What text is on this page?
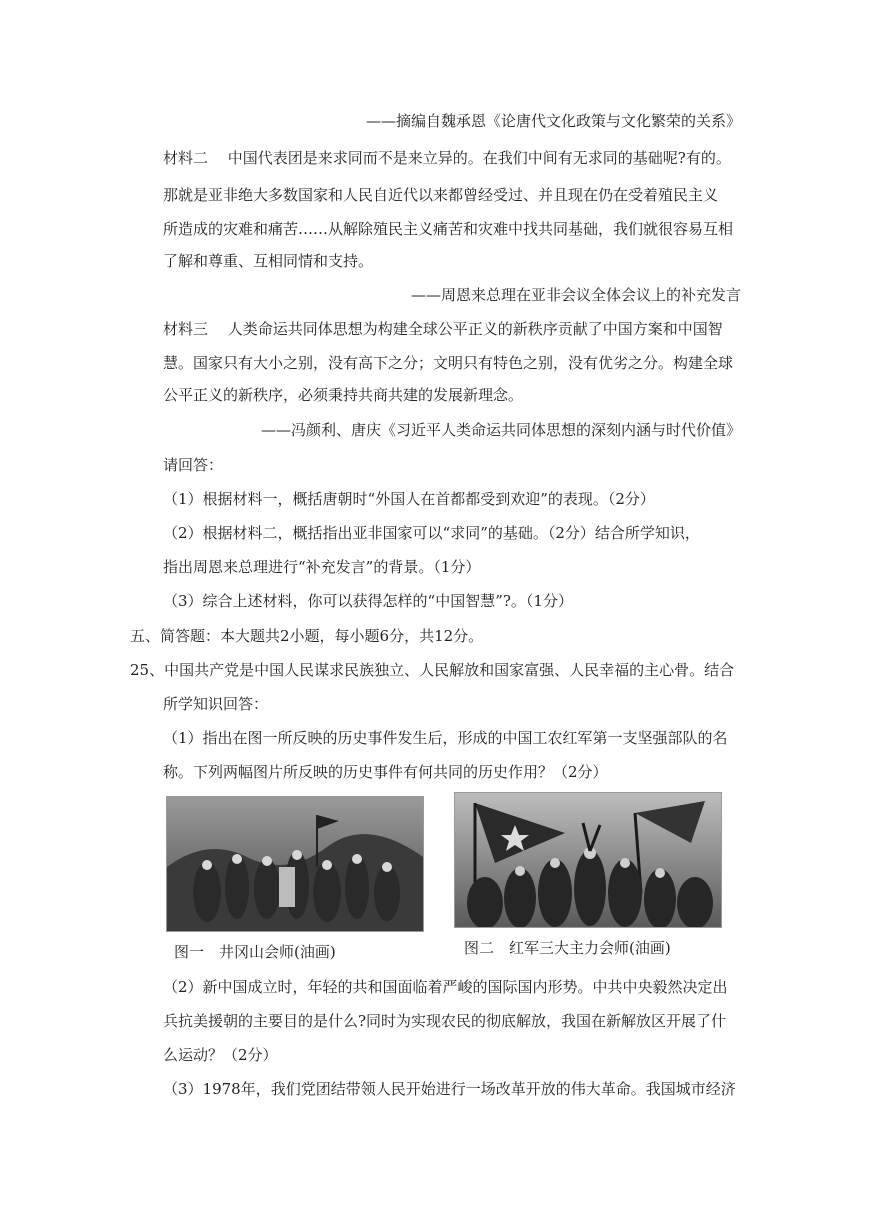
——摘编自魏承恩《论唐代文化政策与文化繁荣的关系》
材料二　 中国代表团是来求同而不是来立异的。在我们中间有无求同的基础呢?有的。
那就是亚非绝大多数国家和人民自近代以来都曾经受过、并且现在仍在受着殖民主义
所造成的灾难和痛苦……从解除殖民主义痛苦和灾难中找共同基础，我们就很容易互相
了解和尊重、互相同情和支持。
——周恩来总理在亚非会议全体会议上的补充发言
材料三　 人类命运共同体思想为构建全球公平正义的新秩序贡献了中国方案和中国智
慧。国家只有大小之别，没有高下之分；文明只有特色之别，没有优劣之分。构建全球
公平正义的新秩序，必须秉持共商共建的发展新理念。
——冯颜利、唐庆《习近平人类命运共同体思想的深刻内涵与时代价值》
请回答：
（1）根据材料一，概括唐朝时“外国人在首都都受到欢迎”的表现。（2分）
（2）根据材料二，概括指出亚非国家可以“求同”的基础。（2分）结合所学知识，
指出周恩来总理进行“补充发言”的背景。（1分）
（3）综合上述材料，你可以获得怎样的“中国智慧”?。（1分）
五、简答题：本大题共2小题，每小题6分，共12分。
25、中国共产党是中国人民谋求民族独立、人民解放和国家富强、人民幸福的主心骨。结合
所学知识回答：
（1）指出在图一所反映的历史事件发生后，形成的中国工农红军第一支坚强部队的名
称。下列两幅图片所反映的历史事件有何共同的历史作用？（2分）
图一　井冈山会师(油画)	图二　红军三大主力会师(油画)
（2）新中国成立时，年轻的共和国面临着严峻的国际国内形势。中共中央毅然决定出
兵抗美援朝的主要目的是什么?同时为实现农民的彻底解放，我国在新解放区开展了什
么运动？（2分）
（3）1978年，我们党团结带领人民开始进行一场改革开放的伟大革命。我国城市经济
